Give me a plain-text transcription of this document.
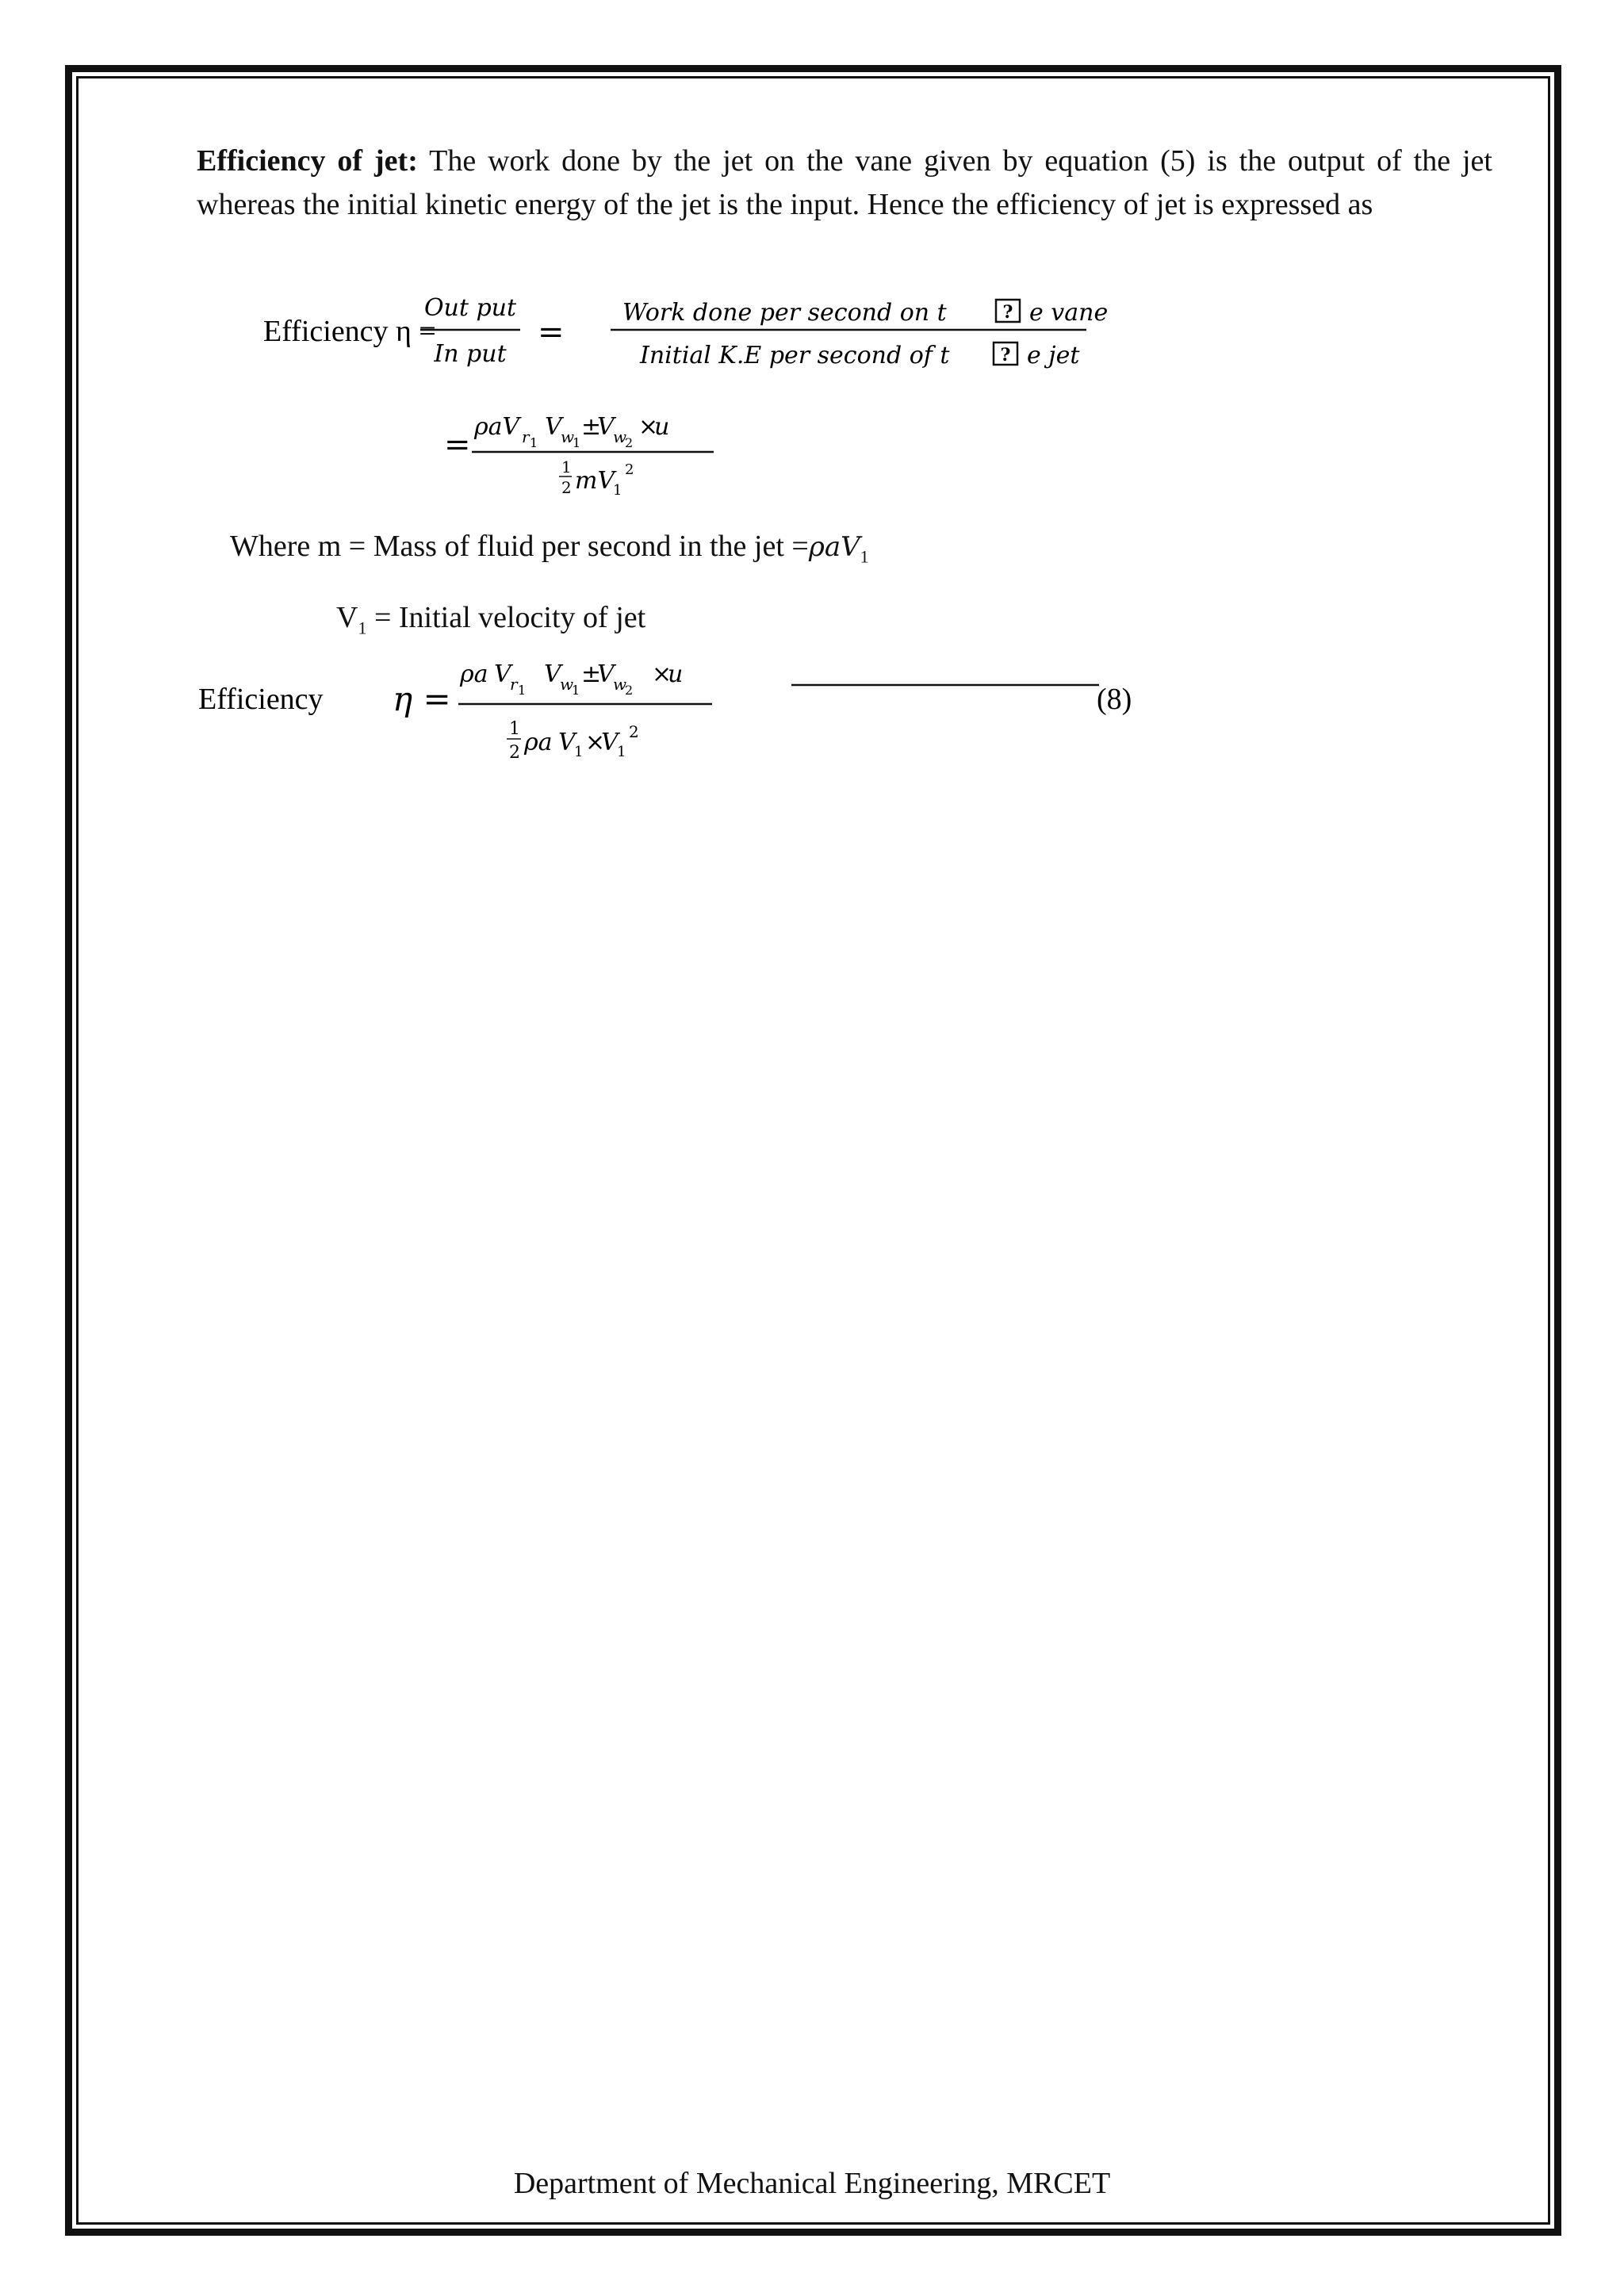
Efficiency of jet: The work done by the jet on the vane given by equation (5) is the output of the jet whereas the initial kinetic energy of the jet is the input. Hence the efficiency of jet is expressed as

Efficiency η =
Out put
In put
=
Work done per second on t	? e vane
Initial K.E per second of t	? e jet
= ρaV r 1
V
w
1
±
V
w
2
×
u
1
2 mV
1
2
Where m = Mass of fluid per second in the jet =ρaV$_1$
$V_1$ = Initial velocity of jet
Efficiency η =
ρa V
r 1
V
w
1
±
V
w
2
×
u
1
2 ρa V
1 ×
V
1
2
(8)
Department of Mechanical Engineering, MRCET
